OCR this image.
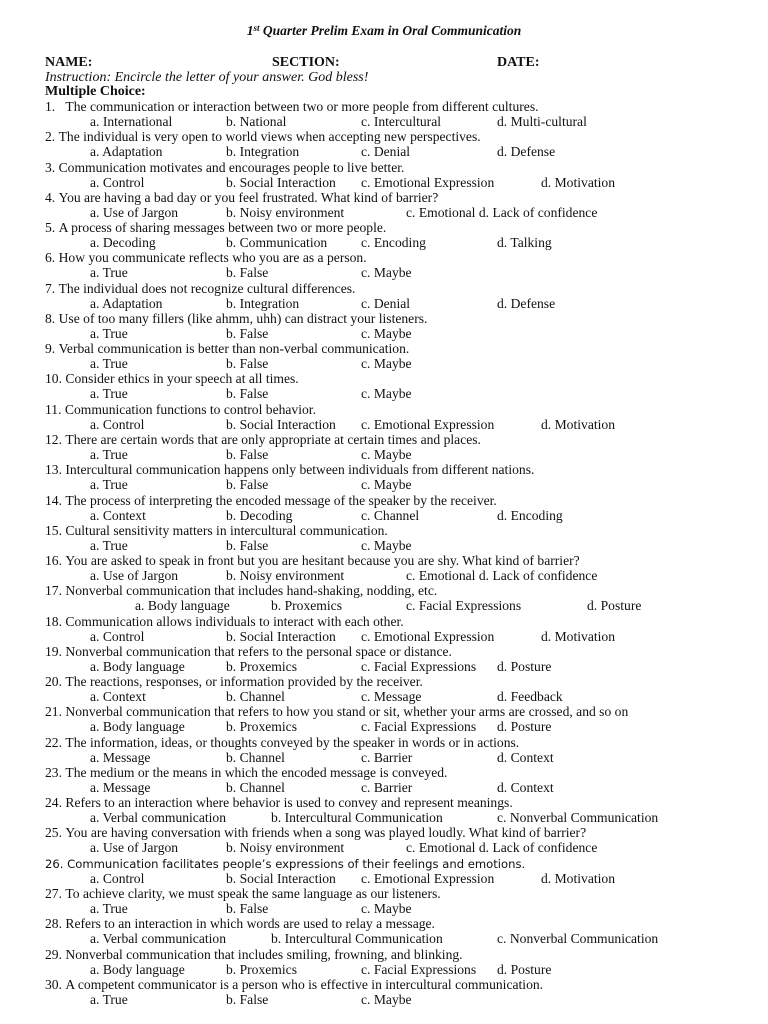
1st Quarter Prelim Exam in Oral Communication
NAME:	SECTION:	DATE:
Instruction: Encircle the letter of your answer. God bless!
Multiple Choice:
1. The communication or interaction between two or more people from different cultures.
a. International	b. National	c. Intercultural	d. Multi-cultural
2. The individual is very open to world views when accepting new perspectives.
a. Adaptation	b. Integration	c. Denial	d. Defense
3. Communication motivates and encourages people to live better.
a. Control	b. Social Interaction c. Emotional Expression	d. Motivation
4. You are having a bad day or you feel frustrated. What kind of barrier?
a. Use of Jargon	b. Noisy environment	c. Emotional d. Lack of confidence
5. A process of sharing messages between two or more people.
a. Decoding	b. Communication c. Encoding	d. Talking
6. How you communicate reflects who you are as a person.
a. True	b. False	c. Maybe
7. The individual does not recognize cultural differences.
a. Adaptation	b. Integration	c. Denial	d. Defense
8. Use of too many fillers (like ahmm, uhh) can distract your listeners.
a. True	b. False	c. Maybe
9. Verbal communication is better than non-verbal communication.
a. True	b. False	c. Maybe
10. Consider ethics in your speech at all times.
a. True	b. False	c. Maybe
11. Communication functions to control behavior.
a. Control	b. Social Interaction c. Emotional Expression	d. Motivation
12. There are certain words that are only appropriate at certain times and places.
a. True	b. False	c. Maybe
13. Intercultural communication happens only between individuals from different nations.
a. True	b. False	c. Maybe
14. The process of interpreting the encoded message of the speaker by the receiver.
a. Context	b. Decoding	c. Channel	d. Encoding
15. Cultural sensitivity matters in intercultural communication.
a. True	b. False	c. Maybe
16. You are asked to speak in front but you are hesitant because you are shy. What kind of barrier?
a. Use of Jargon	b. Noisy environment	c. Emotional d. Lack of confidence
17. Nonverbal communication that includes hand-shaking, nodding, etc.
a. Body language	b. Proxemics	c. Facial Expressions	d. Posture
18. Communication allows individuals to interact with each other.
a. Control	b. Social Interaction c. Emotional Expression	d. Motivation
19. Nonverbal communication that refers to the personal space or distance.
a. Body language	b. Proxemics	c. Facial Expressions d. Posture
20. The reactions, responses, or information provided by the receiver.
a. Context	b. Channel	c. Message	d. Feedback
21. Nonverbal communication that refers to how you stand or sit, whether your arms are crossed, and so on
a. Body language	b. Proxemics	c. Facial Expressions d. Posture
22. The information, ideas, or thoughts conveyed by the speaker in words or in actions.
a. Message	b. Channel	c. Barrier	d. Context
23. The medium or the means in which the encoded message is conveyed.
a. Message	b. Channel	c. Barrier	d. Context
24. Refers to an interaction where behavior is used to convey and represent meanings.
a. Verbal communication	b. Intercultural Communication	c. Nonverbal Communication
25. You are having conversation with friends when a song was played loudly. What kind of barrier?
a. Use of Jargon	b. Noisy environment	c. Emotional d. Lack of confidence
26. Communication facilitates people’s expressions of their feelings and emotions.
a. Control	b. Social Interaction c. Emotional Expression	d. Motivation
27. To achieve clarity, we must speak the same language as our listeners.
a. True	b. False	c. Maybe
28. Refers to an interaction in which words are used to relay a message.
a. Verbal communication	b. Intercultural Communication	c. Nonverbal Communication
29. Nonverbal communication that includes smiling, frowning, and blinking.
a. Body language	b. Proxemics	c. Facial Expressions d. Posture
30. A competent communicator is a person who is effective in intercultural communication.
a. True	b. False	c. Maybe
